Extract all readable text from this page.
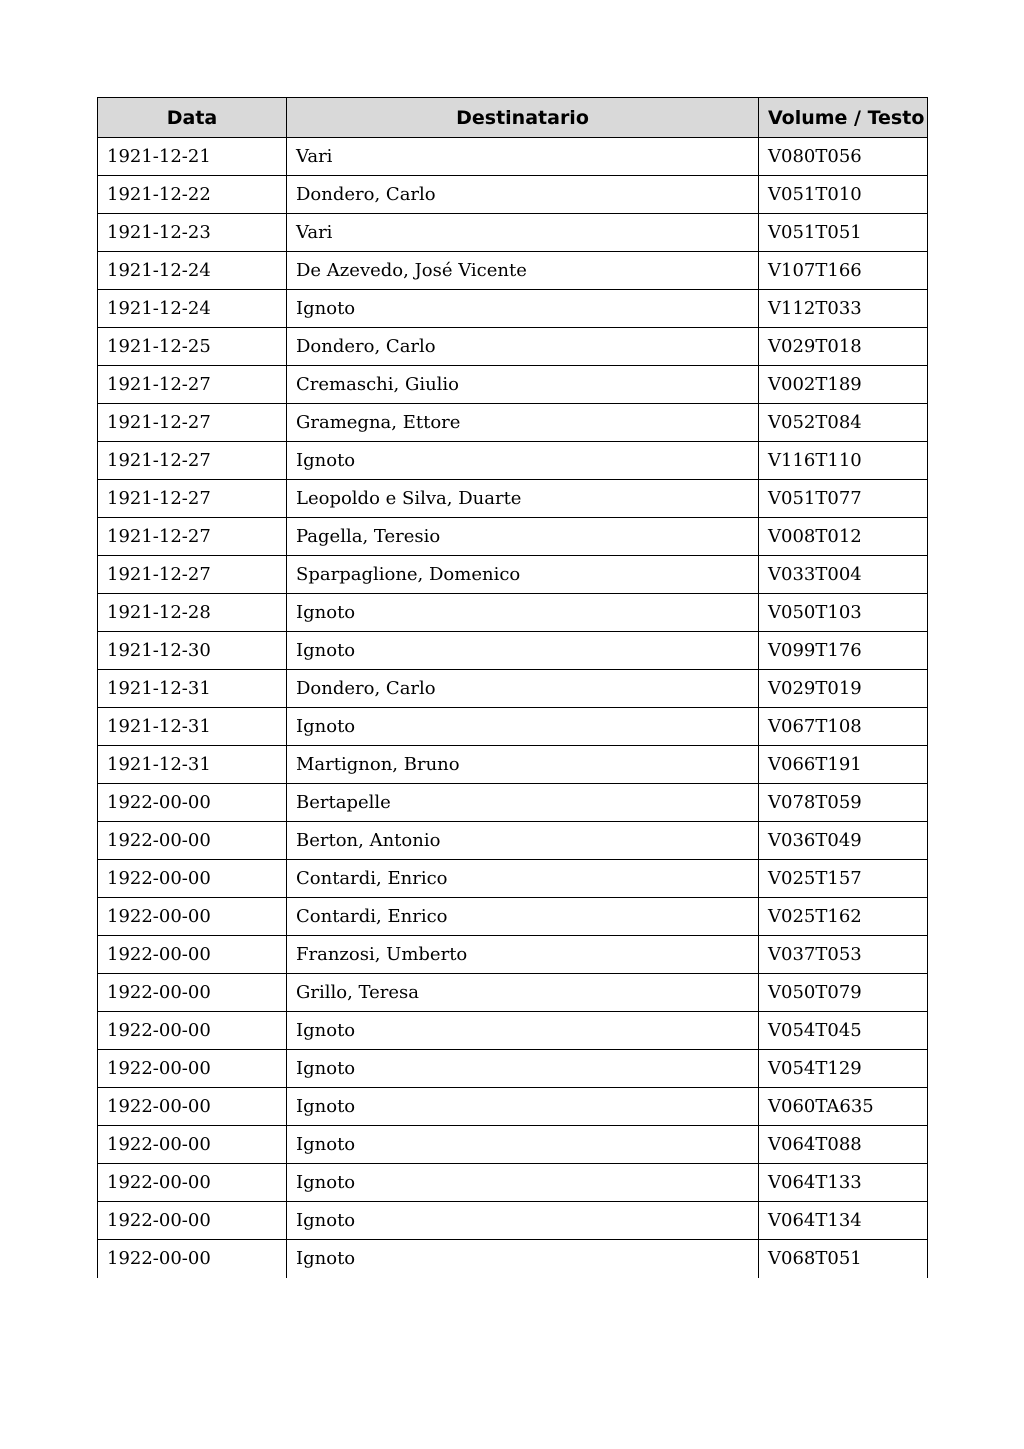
Data	Destinatario	Volume / Testo
1921-12-21	Vari	V080T056
1921-12-22	Dondero, Carlo	V051T010
1921-12-23	Vari	V051T051
1921-12-24	De Azevedo, José Vicente	V107T166
1921-12-24	Ignoto	V112T033
1921-12-25	Dondero, Carlo	V029T018
1921-12-27	Cremaschi, Giulio	V002T189
1921-12-27	Gramegna, Ettore	V052T084
1921-12-27	Ignoto	V116T110
1921-12-27	Leopoldo e Silva, Duarte	V051T077
1921-12-27	Pagella, Teresio	V008T012
1921-12-27	Sparpaglione, Domenico	V033T004
1921-12-28	Ignoto	V050T103
1921-12-30	Ignoto	V099T176
1921-12-31	Dondero, Carlo	V029T019
1921-12-31	Ignoto	V067T108
1921-12-31	Martignon, Bruno	V066T191
1922-00-00	Bertapelle	V078T059
1922-00-00	Berton, Antonio	V036T049
1922-00-00	Contardi, Enrico	V025T157
1922-00-00	Contardi, Enrico	V025T162
1922-00-00	Franzosi, Umberto	V037T053
1922-00-00	Grillo, Teresa	V050T079
1922-00-00	Ignoto	V054T045
1922-00-00	Ignoto	V054T129
1922-00-00	Ignoto	V060TA635
1922-00-00	Ignoto	V064T088
1922-00-00	Ignoto	V064T133
1922-00-00	Ignoto	V064T134
1922-00-00	Ignoto	V068T051
